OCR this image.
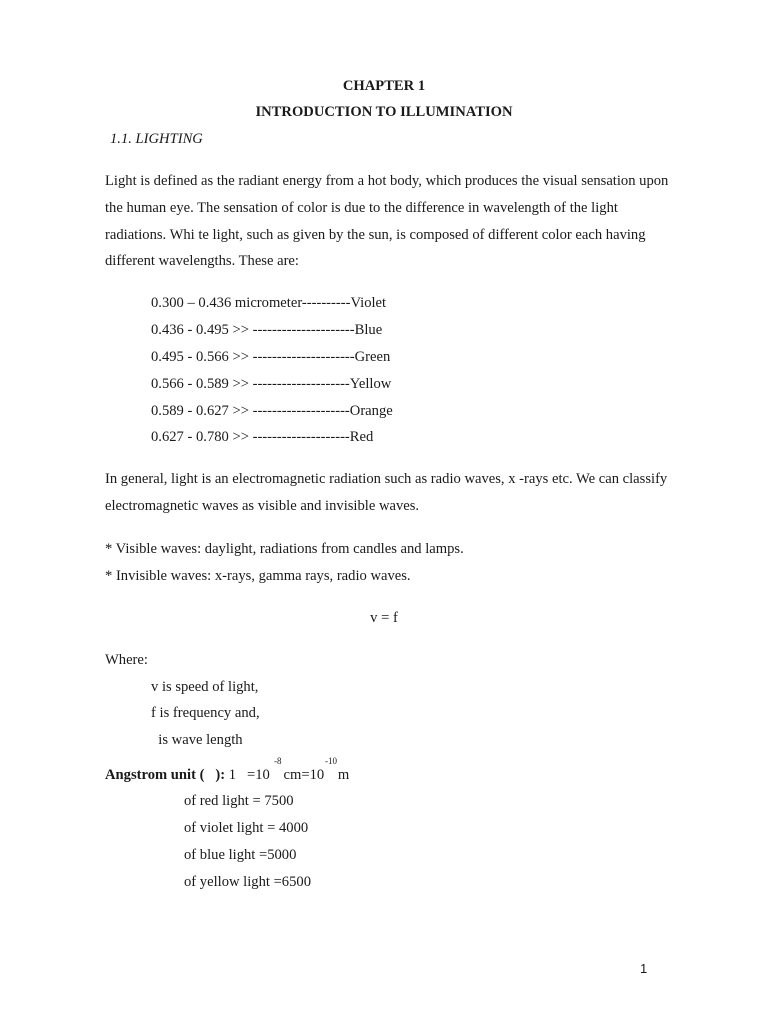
CHAPTER 1
INTRODUCTION TO ILLUMINATION
1.1. LIGHTING
Light is defined as the radiant energy from a hot body, which produces the visual sensation upon
the human eye. The sensation of color is due to the difference in wavelength of the light
radiations. Whi te light, such as given by the sun, is composed of different color each having
different wavelengths. These are:
0.300 – 0.436 micrometer----------Violet
0.436 - 0.495 >> ---------------------Blue
0.495 - 0.566 >> ---------------------Green
0.566 - 0.589 >> --------------------Yellow
0.589 - 0.627 >> --------------------Orange
0.627 - 0.780 >> --------------------Red
In general, light is an electromagnetic radiation such as radio waves, x -rays etc. We can classify
electromagnetic waves as visible and invisible waves.
* Visible waves: daylight, radiations from candles and lamps.
* Invisible waves: x-rays, gamma rays, radio waves.
v = f
Where:
v is speed of light,
f is frequency and,
is wave length
-8	-10
Angstrom unit (   ): 1   =10 cm=10 m
of red light = 7500
of violet light = 4000
of blue light =5000
of yellow light =6500
1
